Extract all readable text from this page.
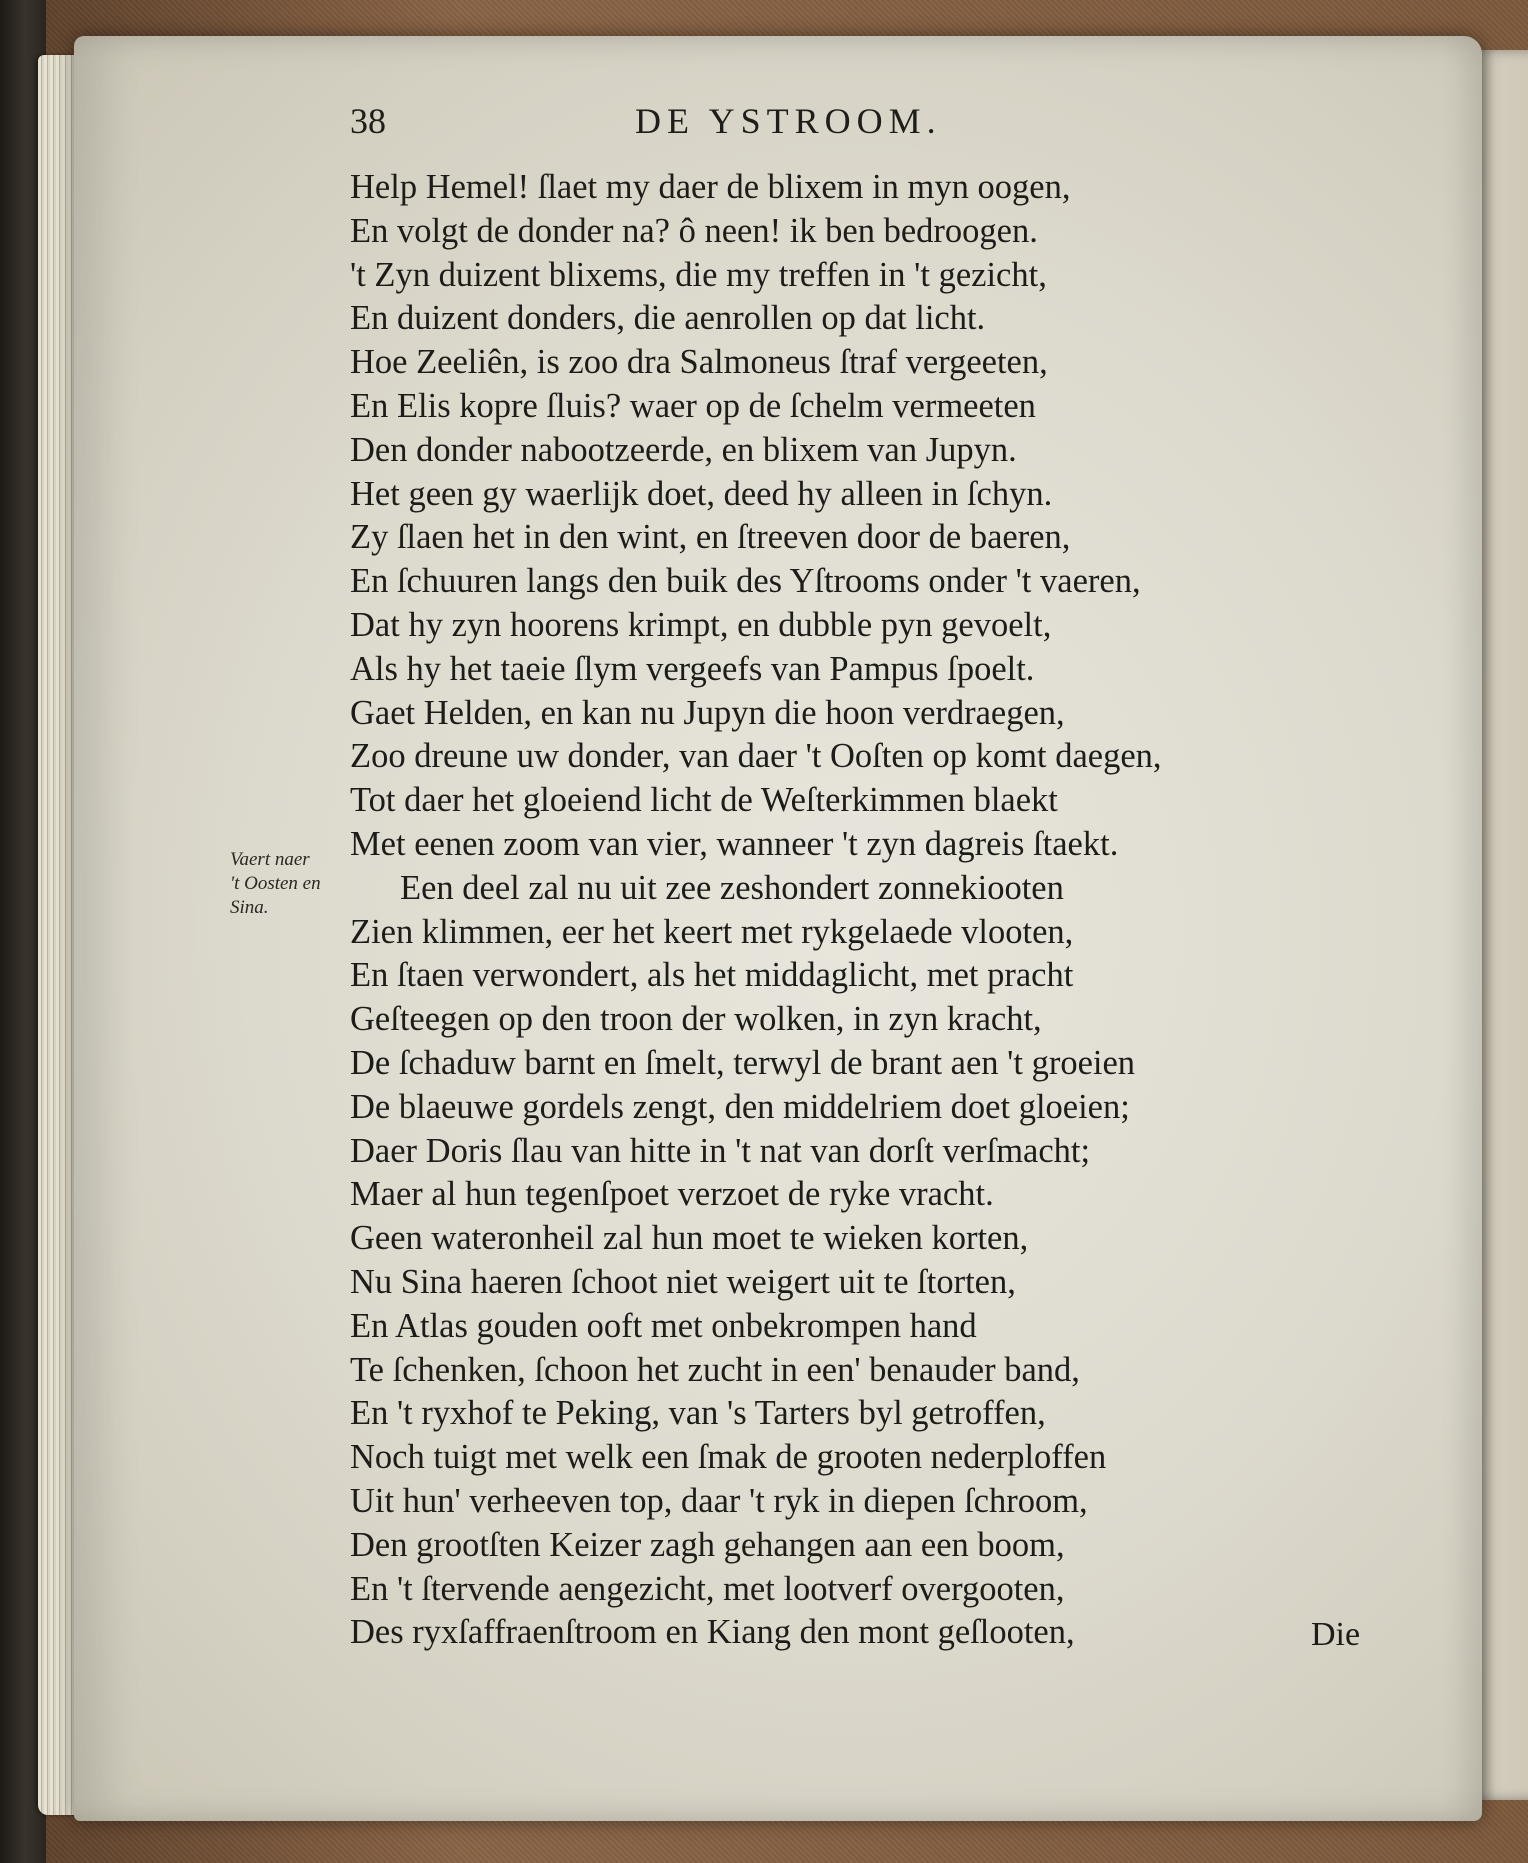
38	DE YSTROOM.
Vaert naer
't Oosten en
Sina.
Help Hemel! ſlaet my daer de blixem in myn oogen,
En volgt de donder na? ô neen! ik ben bedroogen.
't Zyn duizent blixems, die my treffen in 't gezicht,
En duizent donders, die aenrollen op dat licht.
Hoe Zeeliên, is zoo dra Salmoneus ſtraf vergeeten,
En Elis kopre ſluis? waer op de ſchelm vermeeten
Den donder nabootzeerde, en blixem van Jupyn.
Het geen gy waerlijk doet, deed hy alleen in ſchyn.
Zy ſlaen het in den wint, en ſtreeven door de baeren,
En ſchuuren langs den buik des Yſtrooms onder 't vaeren,
Dat hy zyn hoorens krimpt, en dubble pyn gevoelt,
Als hy het taeie ſlym vergeefs van Pampus ſpoelt.
Gaet Helden, en kan nu Jupyn die hoon verdraegen,
Zoo dreune uw donder, van daer 't Ooſten op komt daegen,
Tot daer het gloeiend licht de Weſterkimmen blaekt
Met eenen zoom van vier, wanneer 't zyn dagreis ſtaekt.
Een deel zal nu uit zee zeshondert zonnekiooten
Zien klimmen, eer het keert met rykgelaede vlooten,
En ſtaen verwondert, als het middaglicht, met pracht
Geſteegen op den troon der wolken, in zyn kracht,
De ſchaduw barnt en ſmelt, terwyl de brant aen 't groeien
De blaeuwe gordels zengt, den middelriem doet gloeien;
Daer Doris ſlau van hitte in 't nat van dorſt verſmacht;
Maer al hun tegenſpoet verzoet de ryke vracht.
Geen wateronheil zal hun moet te wieken korten,
Nu Sina haeren ſchoot niet weigert uit te ſtorten,
En Atlas gouden ooft met onbekrompen hand
Te ſchenken, ſchoon het zucht in een' benauder band,
En 't ryxhof te Peking, van 's Tarters byl getroffen,
Noch tuigt met welk een ſmak de grooten nederploffen
Uit hun' verheeven top, daar 't ryk in diepen ſchroom,
Den grootſten Keizer zagh gehangen aan een boom,
En 't ſtervende aengezicht, met lootverf overgooten,
Des ryxſaffraenſtroom en Kiang den mont geſlooten,	Die
